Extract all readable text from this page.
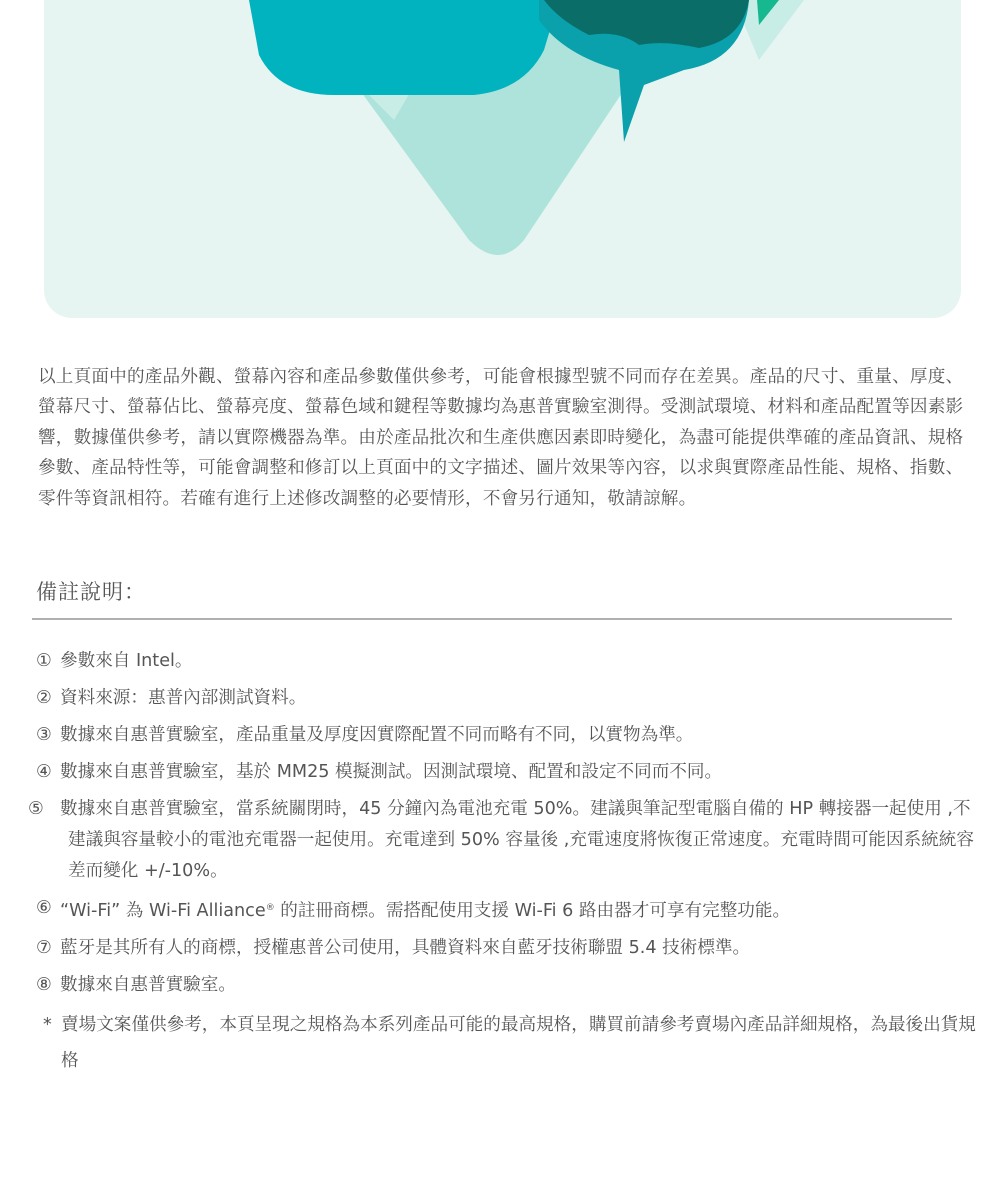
以上頁面中的產品外觀、螢幕內容和產品參數僅供參考，可能會根據型號不同而存在差異。產品的尺寸、重量、厚度、螢幕尺寸、螢幕佔比、螢幕亮度、螢幕色域和鍵程等數據均為惠普實驗室測得。受測試環境、材料和產品配置等因素影響，數據僅供參考，請以實際機器為準。由於產品批次和生產供應因素即時變化，為盡可能提供準確的產品資訊、規格參數、產品特性等，可能會調整和修訂以上頁面中的文字描述、圖片效果等內容，以求與實際產品性能、規格、指數、零件等資訊相符。若確有進行上述修改調整的必要情形，不會另行通知，敬請諒解。

備註說明：
① 參數來自 Intel。
② 資料來源：惠普內部測試資料。
③ 數據來自惠普實驗室，產品重量及厚度因實際配置不同而略有不同，以實物為準。
④ 數據來自惠普實驗室，基於 MM25 模擬測試。因測試環境、配置和設定不同而不同。
⑤ 數據來自惠普實驗室，當系統關閉時，45 分鐘內為電池充電 50%。建議與筆記型電腦自備的 HP 轉接器一起使用 ,不建議與容量較小的電池充電器一起使用。充電達到 50% 容量後 ,充電速度將恢復正常速度。充電時間可能因系統統容差而變化 +/-10%。
⑥ “Wi-Fi” 為 Wi-Fi Alliance® 的註冊商標。需搭配使用支援 Wi-Fi 6 路由器才可享有完整功能。
⑦ 藍牙是其所有人的商標，授權惠普公司使用，具體資料來自藍牙技術聯盟 5.4 技術標準。
⑧ 數據來自惠普實驗室。
* 賣場文案僅供參考，本頁呈現之規格為本系列產品可能的最高規格，購買前請參考賣場內產品詳細規格，為最後出貨規格
